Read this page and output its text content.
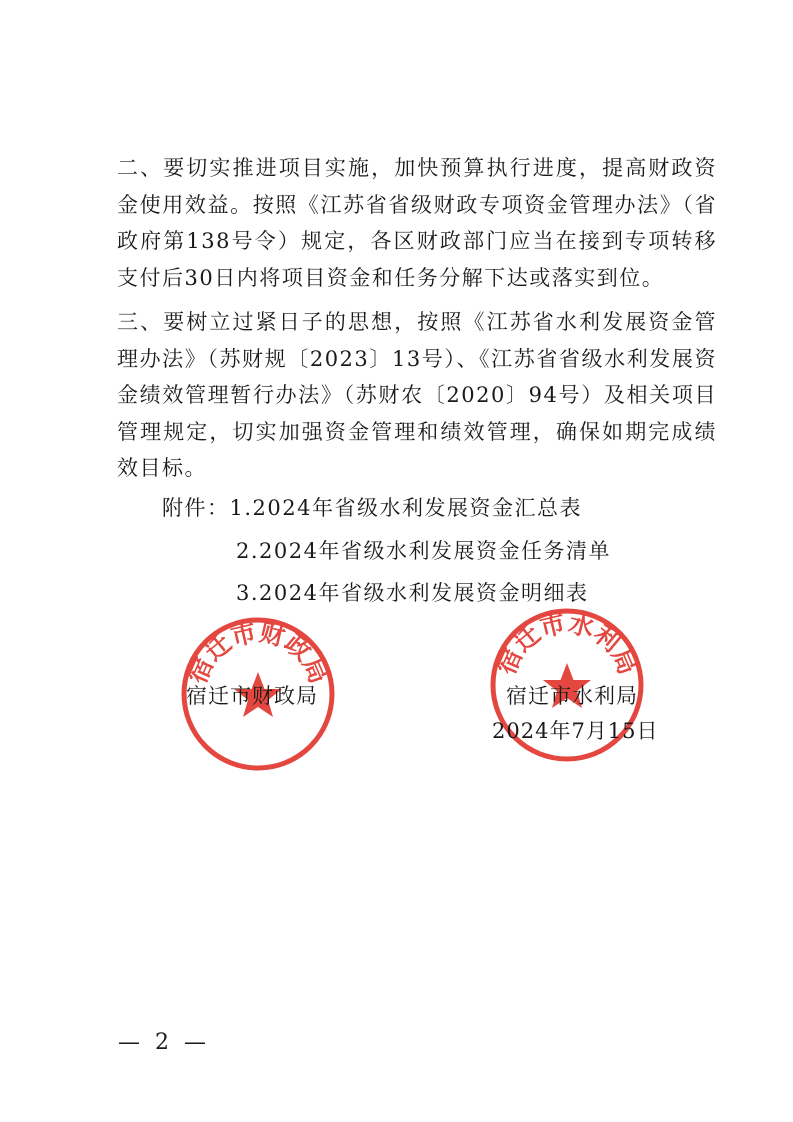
二、要切实推进项目实施，加快预算执行进度，提高财政资金使用效益。按照《江苏省省级财政专项资金管理办法》（省政府第138号令）规定，各区财政部门应当在接到专项转移支付后30日内将项目资金和任务分解下达或落实到位。
三、要树立过紧日子的思想，按照《江苏省水利发展资金管理办法》（苏财规〔2023〕13号）、《江苏省省级水利发展资金绩效管理暂行办法》（苏财农〔2020〕94号）及相关项目管理规定，切实加强资金管理和绩效管理，确保如期完成绩效目标。
附件：1.2024年省级水利发展资金汇总表
2.2024年省级水利发展资金任务清单
3.2024年省级水利发展资金明细表
宿迁市财政局	宿迁市水利局
宿迁市财政局	宿迁市水利局
2024年7月15日
— 2 —
